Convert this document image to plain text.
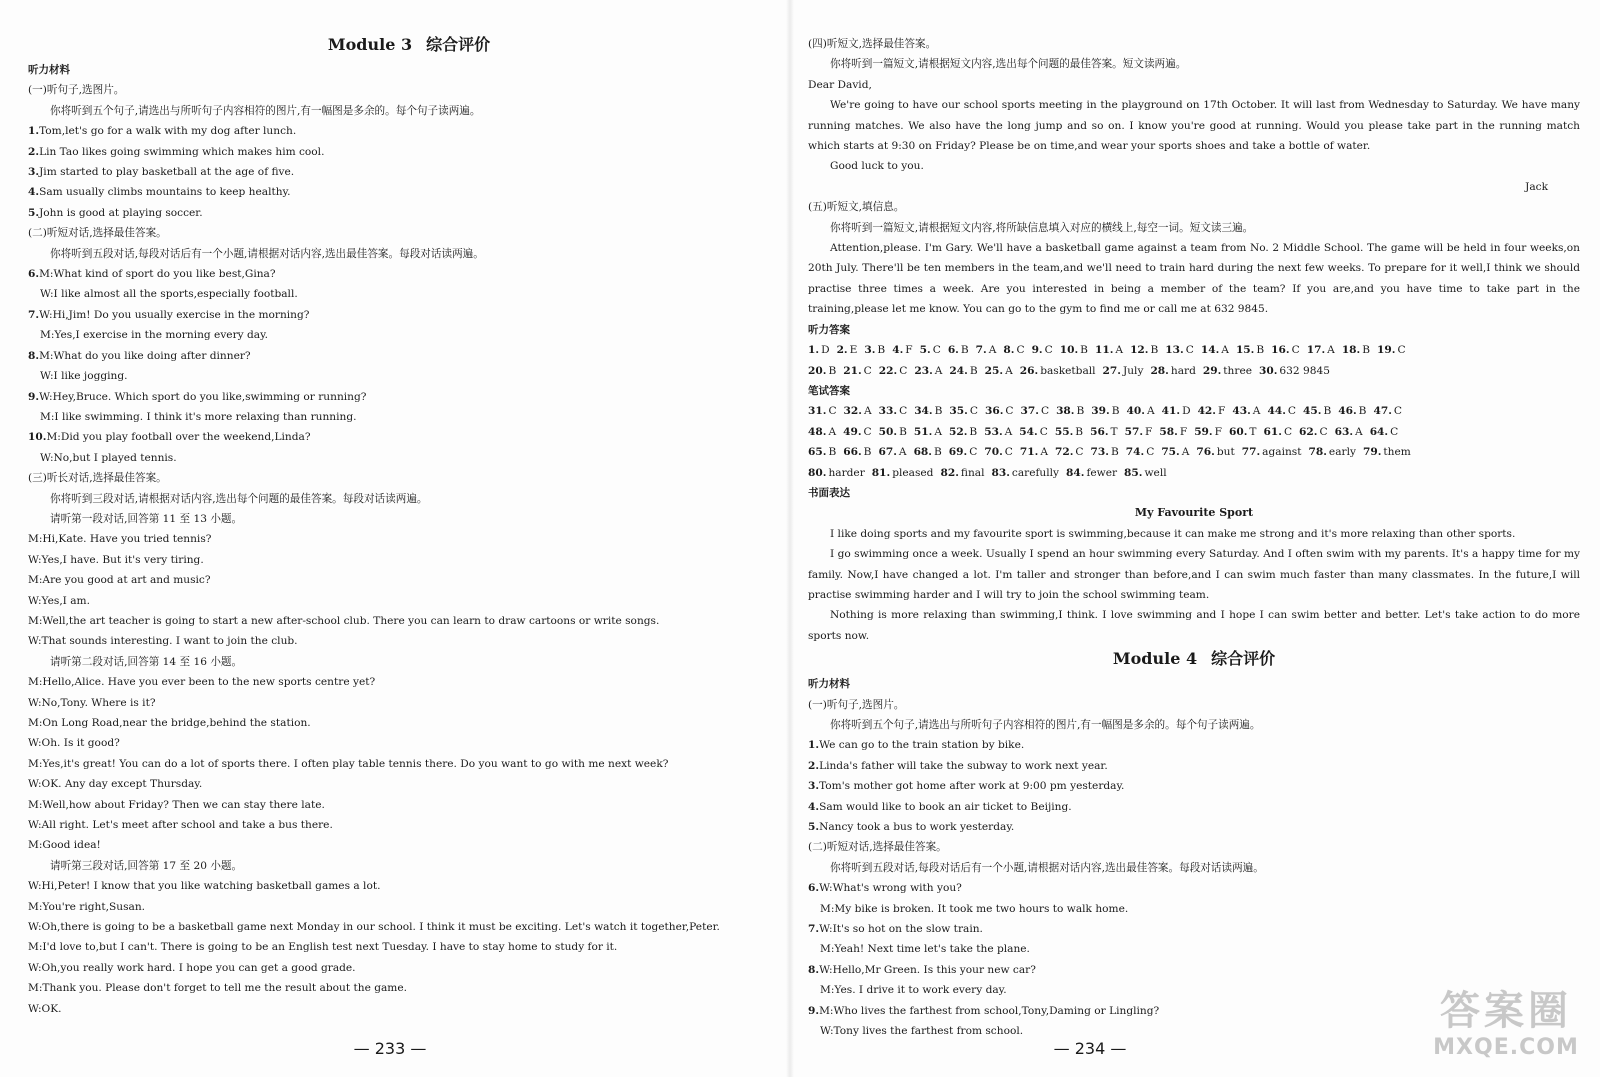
Module 3 综合评价

听力材料

(一)听句子,选图片。

你将听到五个句子,请选出与所听句子内容相符的图片,有一幅图是多余的。每个句子读两遍。

1.Tom,let's go for a walk with my dog after lunch.

2.Lin Tao likes going swimming which makes him cool.

3.Jim started to play basketball at the age of five.

4.Sam usually climbs mountains to keep healthy.

5.John is good at playing soccer.

(二)听短对话,选择最佳答案。

你将听到五段对话,每段对话后有一个小题,请根据对话内容,选出最佳答案。每段对话读两遍。

6.M:What kind of sport do you like best,Gina?

W:I like almost all the sports,especially football.

7.W:Hi,Jim! Do you usually exercise in the morning?

M:Yes,I exercise in the morning every day.

8.M:What do you like doing after dinner?

W:I like jogging.

9.W:Hey,Bruce. Which sport do you like,swimming or running?

M:I like swimming. I think it's more relaxing than running.

10.M:Did you play football over the weekend,Linda?

W:No,but I played tennis.

(三)听长对话,选择最佳答案。

你将听到三段对话,请根据对话内容,选出每个问题的最佳答案。每段对话读两遍。

请听第一段对话,回答第 11 至 13 小题。

M:Hi,Kate. Have you tried tennis?

W:Yes,I have. But it's very tiring.

M:Are you good at art and music?

W:Yes,I am.

M:Well,the art teacher is going to start a new after-school club. There you can learn to draw cartoons or write songs.

W:That sounds interesting. I want to join the club.

请听第二段对话,回答第 14 至 16 小题。

M:Hello,Alice. Have you ever been to the new sports centre yet?

W:No,Tony. Where is it?

M:On Long Road,near the bridge,behind the station.

W:Oh. Is it good?

M:Yes,it's great! You can do a lot of sports there. I often play table tennis there. Do you want to go with me next week?

W:OK. Any day except Thursday.

M:Well,how about Friday? Then we can stay there late.

W:All right. Let's meet after school and take a bus there.

M:Good idea!

请听第三段对话,回答第 17 至 20 小题。

W:Hi,Peter! I know that you like watching basketball games a lot.

M:You're right,Susan.

W:Oh,there is going to be a basketball game next Monday in our school. I think it must be exciting. Let's watch it together,Peter.

M:I'd love to,but I can't. There is going to be an English test next Tuesday. I have to stay home to study for it.

W:Oh,you really work hard. I hope you can get a good grade.

M:Thank you. Please don't forget to tell me the result about the game.

W:OK.

— 233 —

(四)听短文,选择最佳答案。

你将听到一篇短文,请根据短文内容,选出每个问题的最佳答案。短文读两遍。

Dear David,

We're going to have our school sports meeting in the playground on 17th October. It will last from Wednesday to Saturday. We have many running matches. We also have the long jump and so on. I know you're good at running. Would you please take part in the running match which starts at 9:30 on Friday? Please be on time,and wear your sports shoes and take a bottle of water.

Good luck to you.

Jack

(五)听短文,填信息。

你将听到一篇短文,请根据短文内容,将所缺信息填入对应的横线上,每空一词。短文读三遍。

Attention,please. I'm Gary. We'll have a basketball game against a team from No. 2 Middle School. The game will be held in four weeks,on 20th July. There'll be ten members in the team,and we'll need to train hard during the next few weeks. To prepare for it well,I think we should practise three times a week. Are you interested in being a member of the team? If you are,and you have time to take part in the training,please let me know. You can go to the gym to find me or call me at 632 9845.

听力答案

1. D 2. E 3. B 4. F 5. C 6. B 7. A 8. C 9. C 10. B 11. A 12. B 13. C 14. A 15. B 16. C 17. A 18. B 19. C

20. B 21. C 22. C 23. A 24. B 25. A 26. basketball 27. July 28. hard 29. three 30. 632 9845

笔试答案

31. C 32. A 33. C 34. B 35. C 36. C 37. C 38. B 39. B 40. A 41. D 42. F 43. A 44. C 45. B 46. B 47. C

48. A 49. C 50. B 51. A 52. B 53. A 54. C 55. B 56. T 57. F 58. F 59. F 60. T 61. C 62. C 63. A 64. C

65. B 66. B 67. A 68. B 69. C 70. C 71. A 72. C 73. B 74. C 75. A 76. but 77. against 78. early 79. them

80. harder 81. pleased 82. final 83. carefully 84. fewer 85. well

书面表达

My Favourite Sport

I like doing sports and my favourite sport is swimming,because it can make me strong and it's more relaxing than other sports.

I go swimming once a week. Usually I spend an hour swimming every Saturday. And I often swim with my parents. It's a happy time for my family. Now,I have changed a lot. I'm taller and stronger than before,and I can swim much faster than many classmates. In the future,I will practise swimming harder and I will try to join the school swimming team.

Nothing is more relaxing than swimming,I think. I love swimming and I hope I can swim better and better. Let's take action to do more sports now.

Module 4 综合评价

听力材料

(一)听句子,选图片。

你将听到五个句子,请选出与所听句子内容相符的图片,有一幅图是多余的。每个句子读两遍。

1.We can go to the train station by bike.

2.Linda's father will take the subway to work next year.

3.Tom's mother got home after work at 9:00 pm yesterday.

4.Sam would like to book an air ticket to Beijing.

5.Nancy took a bus to work yesterday.

(二)听短对话,选择最佳答案。

你将听到五段对话,每段对话后有一个小题,请根据对话内容,选出最佳答案。每段对话读两遍。

6.W:What's wrong with you?

M:My bike is broken. It took me two hours to walk home.

7.W:It's so hot on the slow train.

M:Yeah! Next time let's take the plane.

8.W:Hello,Mr Green. Is this your new car?

M:Yes. I drive it to work every day.

9.M:Who lives the farthest from school,Tony,Daming or Lingling?

W:Tony lives the farthest from school.

— 234 —
答案圈
MXQE.COM
